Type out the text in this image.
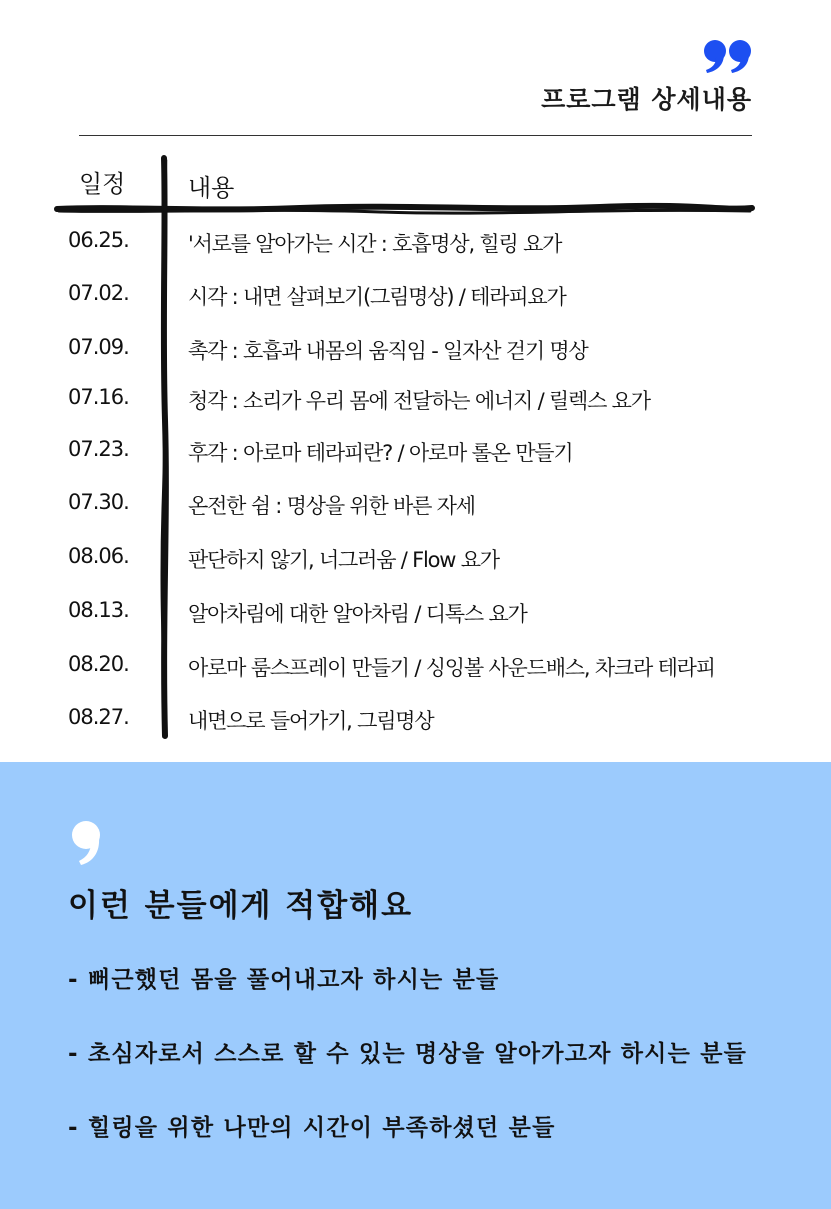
프로그램 상세내용
일정	내용
06.25.	'서로를 알아가는 시간 : 호흡명상, 힐링 요가
07.02.	시각 : 내면 살펴보기(그림명상) / 테라피요가
07.09.	촉각 : 호흡과 내몸의 움직임 - 일자산 걷기 명상
07.16.	청각 : 소리가 우리 몸에 전달하는 에너지 / 릴렉스 요가
07.23.	후각 : 아로마 테라피란? / 아로마 롤온 만들기
07.30.	온전한 쉼 : 명상을 위한 바른 자세
08.06.	판단하지 않기, 너그러움 / Flow 요가
08.13.	알아차림에 대한 알아차림 / 디톡스 요가
08.20.	아로마 룸스프레이 만들기 / 싱잉볼 사운드배스, 차크라 테라피
08.27.	내면으로 들어가기, 그림명상
이런 분들에게 적합해요
- 뻐근했던 몸을 풀어내고자 하시는 분들
- 초심자로서 스스로 할 수 있는 명상을 알아가고자 하시는 분들
- 힐링을 위한 나만의 시간이 부족하셨던 분들
